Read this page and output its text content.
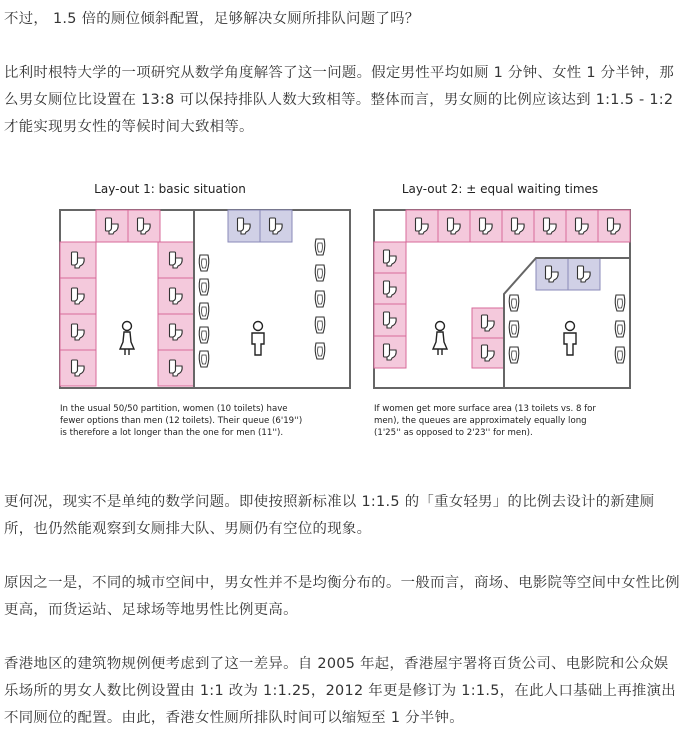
不过， 1.5 倍的厕位倾斜配置，足够解决女厕所排队问题了吗？
比利时根特大学的一项研究从数学角度解答了这一问题。假定男性平均如厕 1 分钟、女性 1 分半钟，那么男女厕位比设置在 13:8 可以保持排队人数大致相等。整体而言，男女厕的比例应该达到 1:1.5 - 1:2 才能实现男女性的等候时间大致相等。
Lay-out 1: basic situation
In the usual 50/50 partition, women (10 toilets) have
fewer options than men (12 toilets). Their queue (6'19'')
is therefore a lot longer than the one for men (11'').
Lay-out 2: ± equal waiting times
If women get more surface area (13 toilets vs. 8 for
men), the queues are approximately equally long
(1'25'' as opposed to 2'23'' for men).
更何况，现实不是单纯的数学问题。即使按照新标准以 1:1.5 的「重女轻男」的比例去设计的新建厕所，也仍然能观察到女厕排大队、男厕仍有空位的现象。
原因之一是，不同的城市空间中，男女性并不是均衡分布的。一般而言，商场、电影院等空间中女性比例更高，而货运站、足球场等地男性比例更高。
香港地区的建筑物规例便考虑到了这一差异。自 2005 年起，香港屋宇署将百货公司、电影院和公众娱乐场所的男女人数比例设置由 1:1 改为 1:1.25，2012 年更是修订为 1:1.5，在此人口基础上再推演出不同厕位的配置。由此，香港女性厕所排队时间可以缩短至 1 分半钟。
